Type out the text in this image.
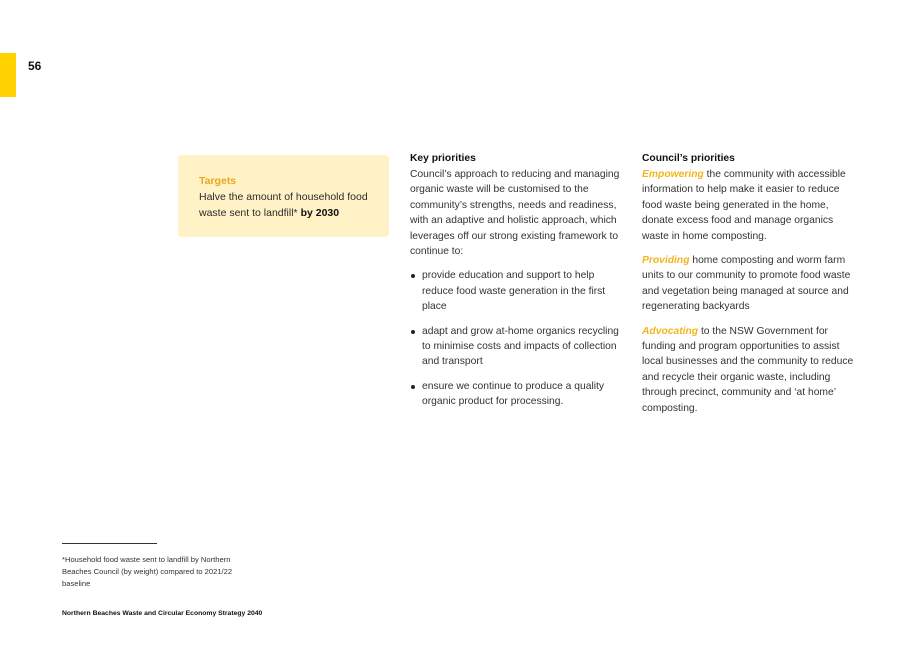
56
Targets
Halve the amount of household food waste sent to landfill* by 2030
Key priorities

Council’s approach to reducing and managing organic waste will be customised to the community’s strengths, needs and readiness, with an adaptive and holistic approach, which leverages off our strong existing framework to continue to:

provide education and support to help reduce food waste generation in the first place
adapt and grow at-home organics recycling to minimise costs and impacts of collection and transport
ensure we continue to produce a quality organic product for processing.
Council’s priorities

Empowering the community with accessible information to help make it easier to reduce food waste being generated in the home, donate excess food and manage organics waste in home composting.

Providing home composting and worm farm units to our community to promote food waste and vegetation being managed at source and regenerating backyards

Advocating to the NSW Government for funding and program opportunities to assist local businesses and the community to reduce and recycle their organic waste, including through precinct, community and ‘at home’ composting.

*Household food waste sent to landfill by Northern Beaches Council (by weight) compared to 2021/22 baseline
Northern Beaches Waste and Circular Economy Strategy 2040
